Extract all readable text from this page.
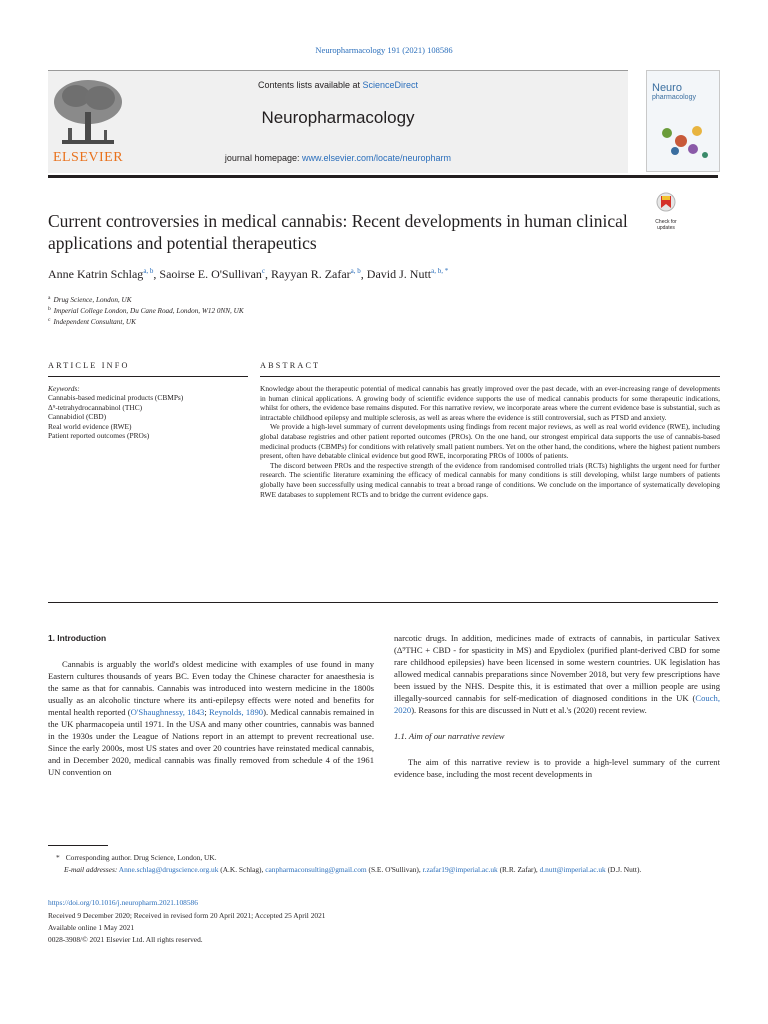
Neuropharmacology 191 (2021) 108586
ELSEVIER
Contents lists available at ScienceDirect
Neuropharmacology
journal homepage: www.elsevier.com/locate/neuropharm
Neuro
pharmacology
Check for updates
Current controversies in medical cannabis: Recent developments in human clinical applications and potential therapeutics
Anne Katrin Schlag$^{a, b}$, Saoirse E. O'Sullivan$^c$, Rayyan R. Zafar$^{a, b}$, David J. Nutt$^{a, b, *}$
$^a$ Drug Science, London, UK
$^b$ Imperial College London, Du Cane Road, London, W12 0NN, UK
$^c$ Independent Consultant, UK
ARTICLE INFO	ABSTRACT
Keywords:
Cannabis-based medicinal products (CBMPs)
Δ⁹-tetrahydrocannabinol (THC)
Cannabidiol (CBD)
Real world evidence (RWE)
Patient reported outcomes (PROs)

Knowledge about the therapeutic potential of medical cannabis has greatly improved over the past decade, with an ever-increasing range of developments in human clinical applications. A growing body of scientific evidence supports the use of medical cannabis products for some therapeutic indications, whilst for others, the evidence base remains disputed. For this narrative review, we incorporate areas where the current evidence base is substantial, such as intractable childhood epilepsy and multiple sclerosis, as well as areas where the evidence is still controversial, such as PTSD and anxiety.

We provide a high-level summary of current developments using findings from recent major reviews, as well as real world evidence (RWE), including global database registries and other patient reported outcomes (PROs). On the one hand, our strongest empirical data supports the use of cannabis-based medicinal products (CBMPs) for conditions with relatively small patient numbers. Yet on the other hand, the conditions, where the highest patient numbers present, often have debatable clinical evidence but good RWE, incorporating PROs of 1000s of patients.

The discord between PROs and the respective strength of the evidence from randomised controlled trials (RCTs) highlights the urgent need for further research. The scientific literature examining the efficacy of medical cannabis for many conditions is still developing, whilst large numbers of patients globally have been successfully using medical cannabis to treat a broad range of conditions. We conclude on the importance of systematically developing RWE databases to supplement RCTs and to bridge the current evidence gaps.

1. Introduction

Cannabis is arguably the world's oldest medicine with examples of use found in many Eastern cultures thousands of years BC. Even today the Chinese character for anaesthesia is the same as that for cannabis. Cannabis was introduced into western medicine in the 1800s usually as an alcoholic tincture where its anti-epilepsy effects were noted and benefits for mental health reported (O'Shaughnessy, 1843; Reynolds, 1890). Medical cannabis remained in the UK pharmacopeia until 1971. In the USA and many other countries, cannabis was banned in the 1930s under the League of Nations report in an attempt to prevent recreational use. Since the early 2000s, most US states and over 20 countries have reinstated medical cannabis, and in December 2020, medical cannabis was finally removed from schedule 4 of the 1961 UN convention on

narcotic drugs. In addition, medicines made of extracts of cannabis, in particular Sativex (Δ⁹THC + CBD - for spasticity in MS) and Epydiolex (purified plant-derived CBD for some rare childhood epilepsies) have been licensed in some western countries. UK legislation has allowed medical cannabis preparations since November 2018, but very few prescriptions have been issued by the NHS. Despite this, it is estimated that over a million people are using illegally-sourced cannabis for self-medication of diagnosed conditions in the UK (Couch, 2020). Reasons for this are discussed in Nutt et al.'s (2020) recent review.

1.1. Aim of our narrative review

The aim of this narrative review is to provide a high-level summary of the current evidence base, including the most recent developments in

* Corresponding author. Drug Science, London, UK.
E-mail addresses: Anne.schlag@drugscience.org.uk (A.K. Schlag), canpharmaconsulting@gmail.com (S.E. O'Sullivan), r.zafar19@imperial.ac.uk (R.R. Zafar), d.nutt@imperial.ac.uk (D.J. Nutt).
https://doi.org/10.1016/j.neuropharm.2021.108586
Received 9 December 2020; Received in revised form 20 April 2021; Accepted 25 April 2021
Available online 1 May 2021
0028-3908/© 2021 Elsevier Ltd. All rights reserved.
